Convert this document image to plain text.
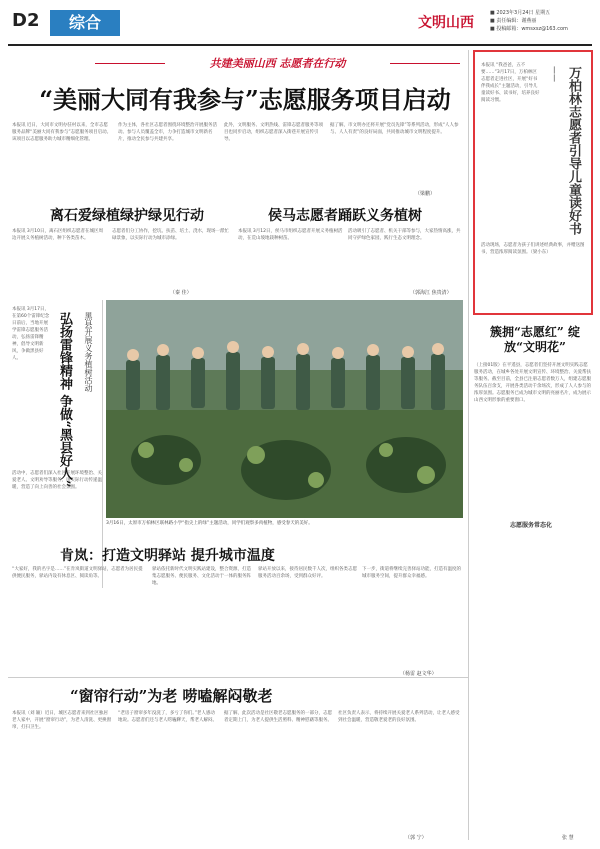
D2	综合	文明山西
■ 2023年3月24日 星期五
■ 责任编辑：谢燕丽
■ 投稿邮箱：wmsxsz@163.com
万柏林志愿者引导儿童读好书
——
本报讯 “我爸爸，五不要……”3月17日，万柏林区志愿者走进社区，开展“好书伴我成长”主题活动，引导儿童读好书、读书好，培养良好阅读习惯。
活动现场，志愿者为孩子们讲述经典故事，并赠送图书，营造浓厚阅读氛围。（梁小东）
共建美丽山西 志愿者在行动
“美丽大同有我参与”志愿服务项目启动
本报讯 近日，大同市文明办驻村以来，全市志愿服务品牌“美丽大同有我参与”志愿服务项目启动。该项目以志愿服务助力城市精细化管理。
作为主体，各社区志愿者围绕环境整治开展服务活动。参与人员覆盖全市，力争打造城市文明新名片，推动全民参与共建共享。
此外，文明服务、文明热线、雷锋志愿者服务等项目也同步启动，组织志愿者深入街巷开展宣传引导。
据了解，市文明办还将开展“党员先锋”等系列活动，形成“人人参与、人人有责”的良好局面，共同推动城市文明程度提升。
（梁鹏）
离石爱绿植绿护绿见行动	侯马志愿者踊跃义务植树
本报讯 3月10日，离石区组织志愿者在城区周边开展义务植树活动，种下各类苗木。
志愿者们分工协作，挖坑、扶苗、培土、浇水，现场一派忙碌景象，以实际行动为城市添绿。
本报讯 3月12日，侯马市组织志愿者开展义务植树活动，在荒山坡地栽种树苗。
活动吸引了志愿者、机关干部等参与，大家热情高涨，共同守护绿色家园，践行生态文明理念。
（秦 佳）	（郭海江 焦贵清）
弘扬雷锋精神 争做“黑县好人”	黑县开展义务植树活动
本报讯 3月17日，在第60个雷锋纪念日前后，当地开展学雷锋志愿服务活动，弘扬雷锋精神，倡导文明新风，争做黑县好人。
活动中，志愿者们深入社区开展环境整治、关爱老人、文明劝导等服务，用实际行动传递温暖，营造了向上向善的社会氛围。
3月16日，太原市万柏林区联林路小学“指尖上的绿”主题活动，同学们观察多肉植物，感受春天的美好。
肯岚：打造文明驿站 提升城市温度
“大家好，我的名字是……”在肯岚街道文明驿站，志愿者为居民提供便民服务，驿站内设有休息区、阅读角等。
驿站依托新时代文明实践站建设，整合资源，打造集志愿服务、便民服务、文化活动于一体的服务阵地。
驿站开放以来，接待居民数千人次，组织各类志愿服务活动百余场，受到群众好评。
下一步，街道将继续完善驿站功能，打造有温度的城市服务空间，提升群众幸福感。
（杨雷 赵文华）
“窗帘行动”为老 唠嗑解闷敬老
本报讯（刘 颖）近日，城区志愿者来到社区独居老人家中，开展“窗帘行动”，为老人清洗、更换窗帘，打扫卫生。
“老房子窗帘多年没洗了，多亏了你们。”老人感动地说。志愿者们还与老人唠嗑聊天，帮老人解闷。
据了解，此次活动是社区敬老志愿服务的一部分，志愿者定期上门，为老人提供生活照料、精神慰藉等服务。
社区负责人表示，将持续开展关爱老人系列活动，让老人感受到社会温暖，营造敬老爱老的良好氛围。
（郭 宁）
簇拥“志愿红” 绽放“文明花”
（上接01版）在平遥县，志愿者们坚持开展文明实践志愿服务活动，在城乡各处开展文明宣传、环境整治、关爱帮扶等服务。截至目前，全县已注册志愿者数万人，组建志愿服务队伍百余支，开展各类活动千余场次，形成了人人参与的浓厚氛围。志愿服务已成为城市文明的亮丽名片，成为展示山西文明形象的重要窗口。
志愿服务常态化
张 慧
